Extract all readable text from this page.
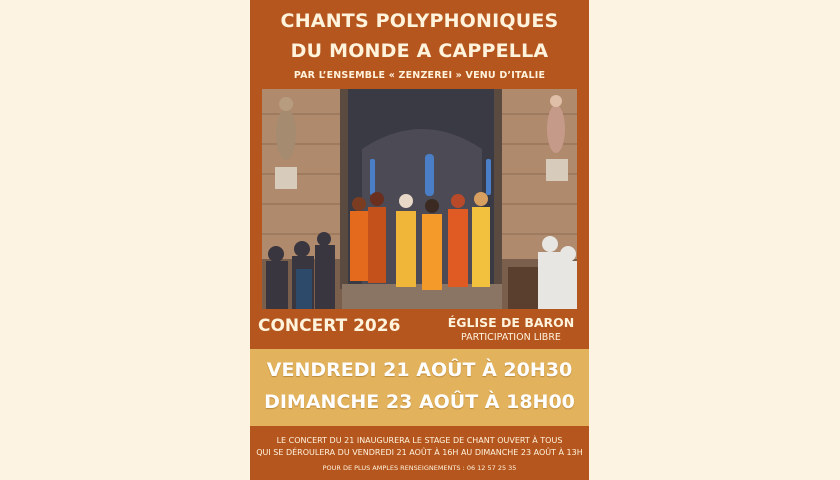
CHANTS POLYPHONIQUES
DU MONDE A CAPPELLA
PAR L’ENSEMBLE « ZENZEREI » VENU D’ITALIE
CONCERT 2026	ÉGLISE DE BARON
PARTICIPATION LIBRE
VENDREDI 21 AOÛT À 20H30
DIMANCHE 23 AOÛT À 18H00
LE CONCERT DU 21 INAUGURERA LE STAGE DE CHANT OUVERT À TOUS
QUI SE DÉROULERA DU VENDREDI 21 AOÛT À 16H AU DIMANCHE 23 AOÛT À 13H
POUR DE PLUS AMPLES RENSEIGNEMENTS : 06 12 57 25 35
